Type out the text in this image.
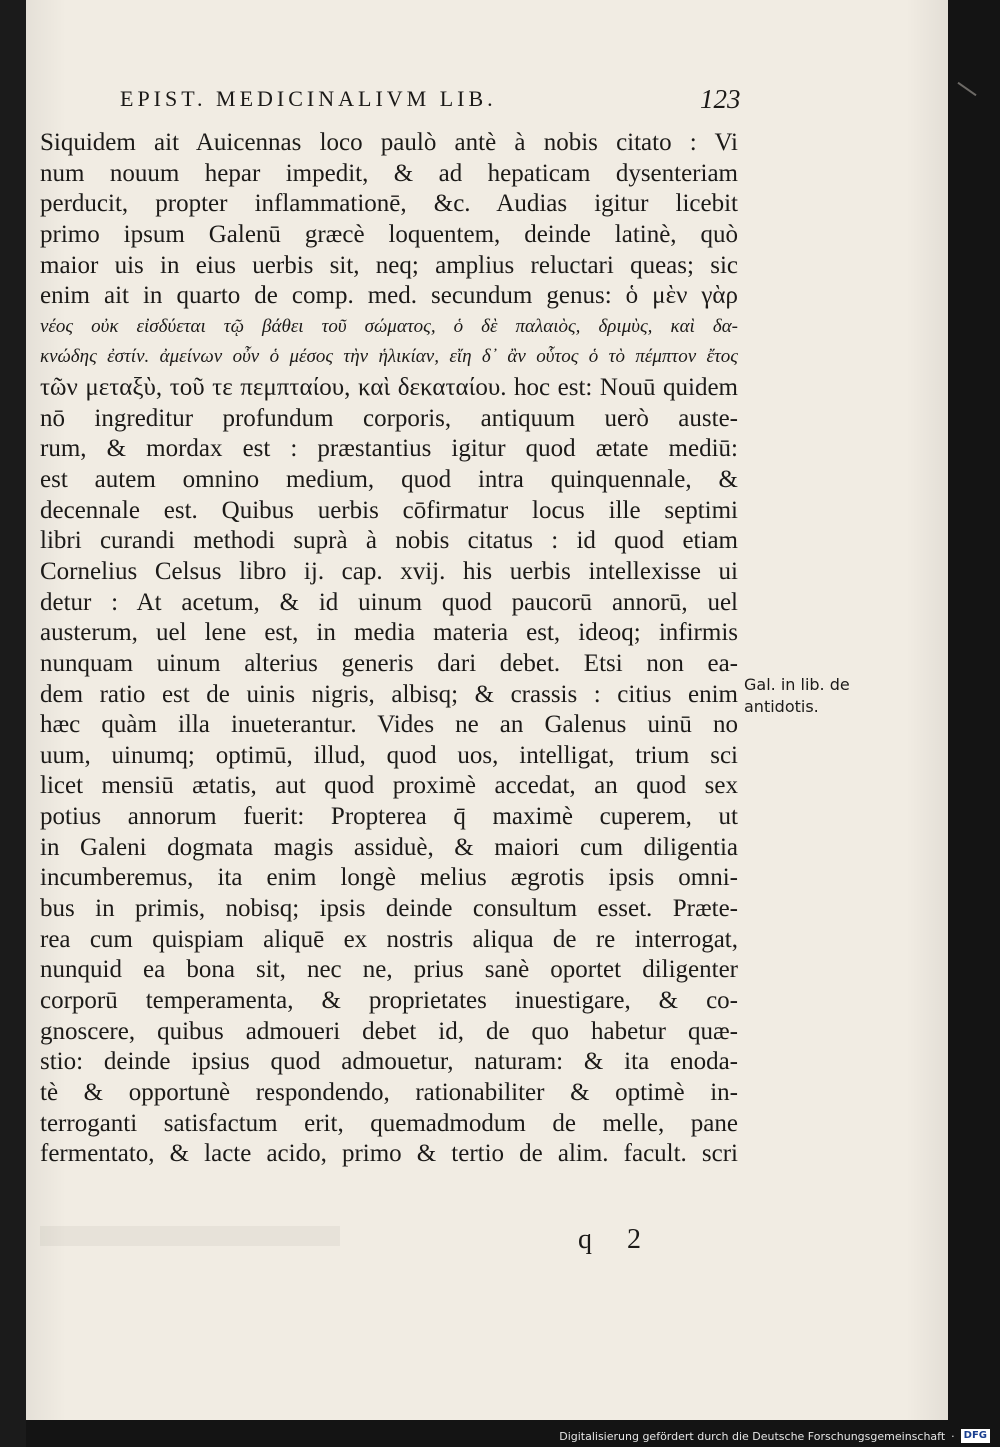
EPIST. MEDICINALIVM LIB.	123
Siquidem ait Auicennas loco paulò antè à nobis citato : Vi
num nouum hepar impedit, & ad hepaticam dysenteriam
perducit, propter inflammationē, &c. Audias igitur licebit
primo ipsum Galenū græcè loquentem, deinde latinè, quò
maior uis in eius uerbis sit, neq; amplius reluctari queas; sic
enim ait in quarto de comp. med. secundum genus: ὁ μὲν γὰρ
νέος οὐκ εἰσδύεται τῷ βάθει τοῦ σώματος, ὁ δὲ παλαιὸς, δριμὺς, καὶ δα-
κνώδης ἐστίν. ἀμείνων οὖν ὁ μέσος τὴν ἡλικίαν, εἴη δ᾽ ἂν οὗτος ὁ τὸ πέμπτον ἔτος
τῶν μεταξὺ, τοῦ τε πεμπταίου, καὶ δεκαταίου. hoc est: Nouū quidem
nō ingreditur profundum corporis, antiquum uerò auste-
rum, & mordax est : præstantius igitur quod ætate mediū:
est autem omnino medium, quod intra quinquennale, &
decennale est. Quibus uerbis cōfirmatur locus ille septimi
libri curandi methodi suprà à nobis citatus : id quod etiam
Cornelius Celsus libro ij. cap. xvij. his uerbis intellexisse ui
detur : At acetum, & id uinum quod paucorū annorū, uel
austerum, uel lene est, in media materia est, ideoq; infirmis
nunquam uinum alterius generis dari debet. Etsi non ea-
dem ratio est de uinis nigris, albisq; & crassis : citius enim
hæc quàm illa inueterantur. Vides ne an Galenus uinū no
uum, uinumq; optimū, illud, quod uos, intelligat, trium sci
licet mensiū ætatis, aut quod proximè accedat, an quod sex
potius annorum fuerit: Propterea q̄ maximè cuperem, ut
in Galeni dogmata magis assiduè, & maiori cum diligentia
incumberemus, ita enim longè melius ægrotis ipsis omni-
bus in primis, nobisq; ipsis deinde consultum esset. Præte-
rea cum quispiam aliquē ex nostris aliqua de re interrogat,
nunquid ea bona sit, nec ne, prius sanè oportet diligenter
corporū temperamenta, & proprietates inuestigare, & co-
gnoscere, quibus admoueri debet id, de quo habetur quæ-
stio: deinde ipsius quod admouetur, naturam: & ita enoda-
tè & opportunè respondendo, rationabiliter & optimè in-
terroganti satisfactum erit, quemadmodum de melle, pane
fermentato, & lacte acido, primo & tertio de alim. facult. scri
Gal. in lib. de
antidotis.
q 2
Digitalisierung gefördert durch die Deutsche Forschungsgemeinschaft · DFG
